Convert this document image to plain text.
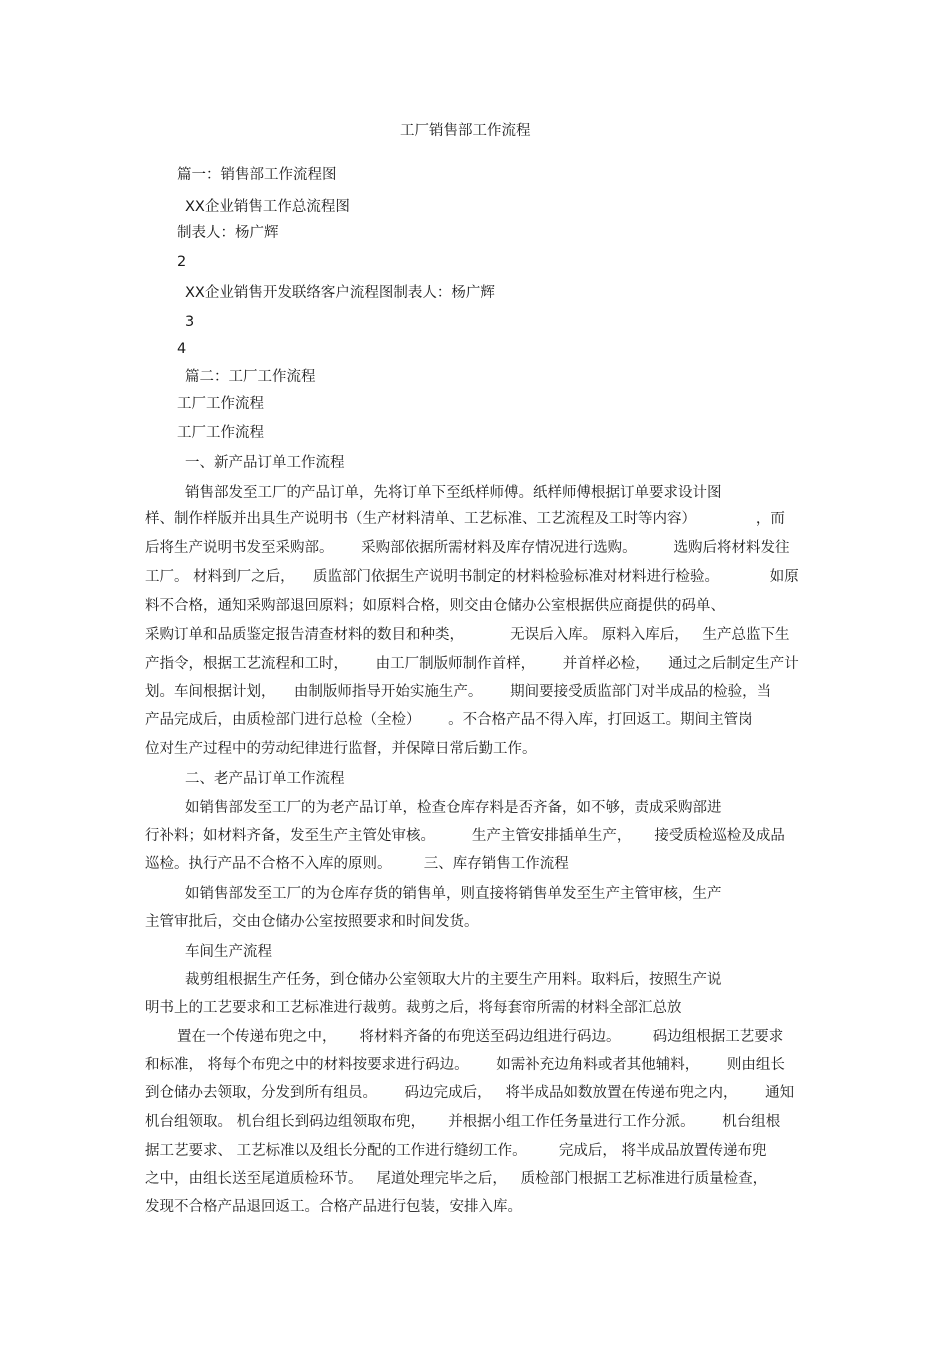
工厂销售部工作流程
篇一：销售部工作流程图
XX企业销售工作总流程图
制表人：杨广辉
2
XX企业销售开发联络客户流程图制表人：杨广辉
3
4
篇二：工厂工作流程
工厂工作流程
工厂工作流程
一、新产品订单工作流程
销售部发至工厂的产品订单，先将订单下至纸样师傅。纸样师傅根据订单要求设计图
样、制作样版并出具生产说明书（生产材料清单、工艺标准、工艺流程及工时等内容）             ，而
后将生产说明书发至采购部。      采购部依据所需材料及库存情况进行选购。        选购后将材料发往
工厂。 材料到厂之后，    质监部门依据生产说明书制定的材料检验标准对材料进行检验。           如原
料不合格，通知采购部退回原料；如原料合格，则交由仓储办公室根据供应商提供的码单、
采购订单和品质鉴定报告清查材料的数目和种类，          无误后入库。 原料入库后，   生产总监下生
产指令，根据工艺流程和工时，      由工厂制版师制作首样，      并首样必检，    通过之后制定生产计
划。车间根据计划，    由制版师指导开始实施生产。      期间要接受质监部门对半成品的检验，当
产品完成后，由质检部门进行总检（全检）      。不合格产品不得入库，打回返工。期间主管岗
位对生产过程中的劳动纪律进行监督，并保障日常后勤工作。
二、老产品订单工作流程
如销售部发至工厂的为老产品订单，检查仓库存料是否齐备，如不够，责成采购部进
行补料；如材料齐备，发至生产主管处审核。        生产主管安排插单生产，     接受质检巡检及成品
巡检。执行产品不合格不入库的原则。       三、库存销售工作流程
如销售部发至工厂的为仓库存货的销售单，则直接将销售单发至生产主管审核，生产
主管审批后，交由仓储办公室按照要求和时间发货。
车间生产流程
裁剪组根据生产任务，到仓储办公室领取大片的主要生产用料。取料后，按照生产说
明书上的工艺要求和工艺标准进行裁剪。裁剪之后，将每套帘所需的材料全部汇总放
置在一个传递布兜之中，     将材料齐备的布兜送至码边组进行码边。       码边组根据工艺要求
和标准， 将每个布兜之中的材料按要求进行码边。      如需补充边角料或者其他辅料，      则由组长
到仓储办去领取，分发到所有组员。      码边完成后，   将半成品如数放置在传递布兜之内，      通知
机台组领取。 机台组长到码边组领取布兜，     并根据小组工作任务量进行工作分派。      机台组根
据工艺要求、 工艺标准以及组长分配的工作进行缝纫工作。       完成后， 将半成品放置传递布兜
之中，由组长送至尾道质检环节。   尾道处理完毕之后，   质检部门根据工艺标准进行质量检查，
发现不合格产品退回返工。合格产品进行包装，安排入库。
